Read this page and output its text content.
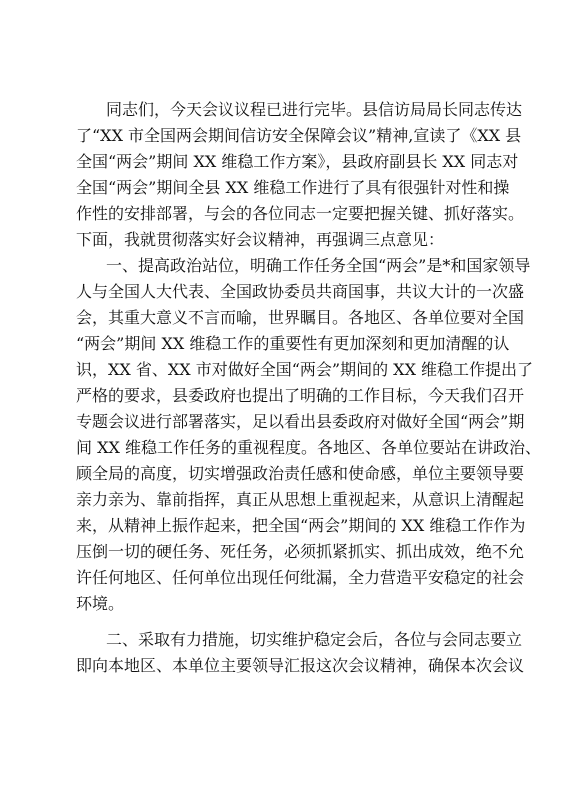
同志们，今天会议议程已进行完毕。县信访局局长同志传达
了“XX 市全国两会期间信访安全保障会议”精神,宣读了《XX 县
全国“两会”期间 XX 维稳工作方案》，县政府副县长 XX 同志对
全国“两会”期间全县 XX 维稳工作进行了具有很强针对性和操
作性的安排部署，与会的各位同志一定要把握关键、抓好落实。
下面，我就贯彻落实好会议精神，再强调三点意见：
一、提高政治站位，明确工作任务全国“两会”是*和国家领导
人与全国人大代表、全国政协委员共商国事，共议大计的一次盛
会，其重大意义不言而喻，世界瞩目。各地区、各单位要对全国
“两会”期间 XX 维稳工作的重要性有更加深刻和更加清醒的认
识，XX 省、XX 市对做好全国“两会”期间的 XX 维稳工作提出了
严格的要求，县委政府也提出了明确的工作目标，今天我们召开
专题会议进行部署落实，足以看出县委政府对做好全国“两会”期
间 XX 维稳工作任务的重视程度。各地区、各单位要站在讲政治、
顾全局的高度，切实增强政治责任感和使命感，单位主要领导要
亲力亲为、靠前指挥，真正从思想上重视起来，从意识上清醒起
来，从精神上振作起来，把全国“两会”期间的 XX 维稳工作作为
压倒一切的硬任务、死任务，必须抓紧抓实、抓出成效，绝不允
许任何地区、任何单位出现任何纰漏，全力营造平安稳定的社会
环境。
二、采取有力措施，切实维护稳定会后，各位与会同志要立
即向本地区、本单位主要领导汇报这次会议精神，确保本次会议
